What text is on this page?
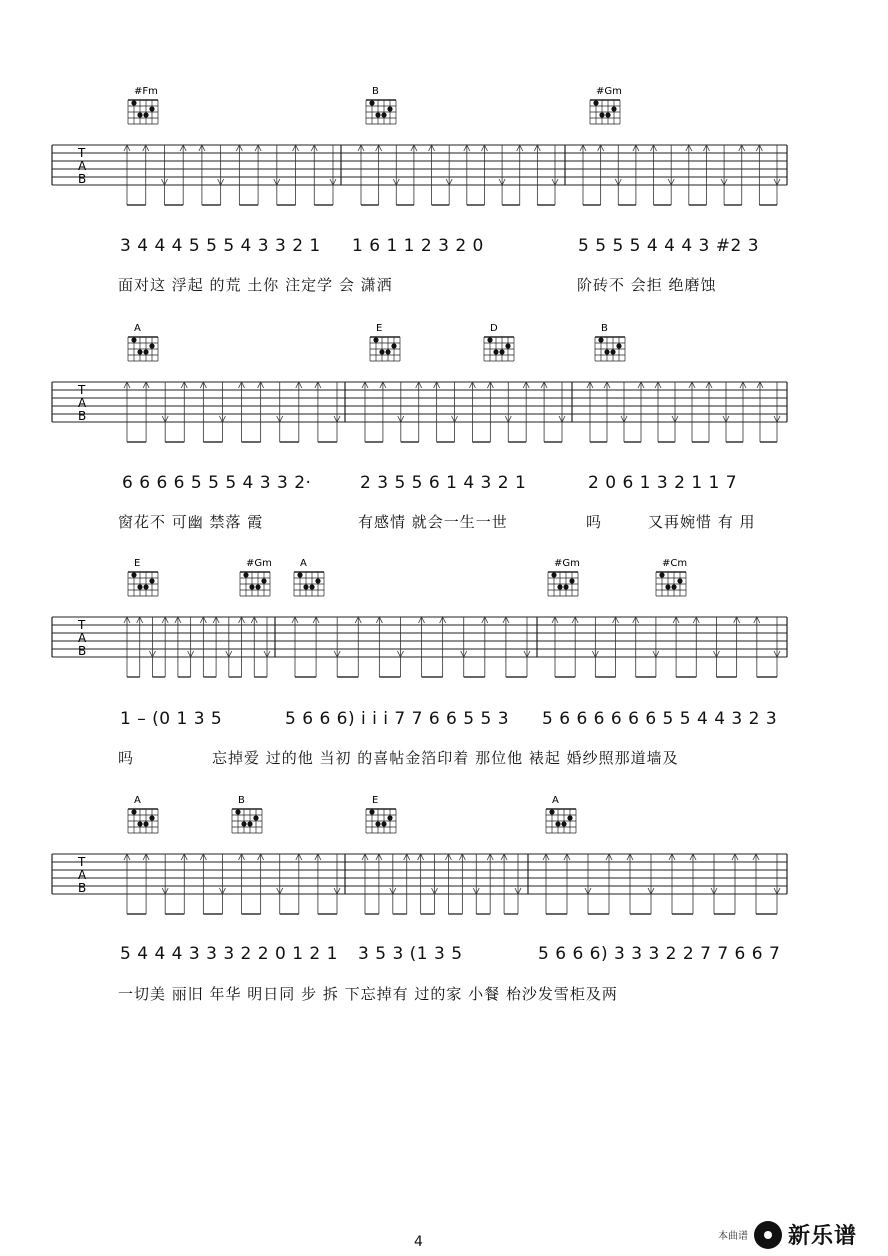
T
A
B
#Fm	B	#Gm
T
A
B
A	E	D	B
T
A
B
E	#Gm	A	#Gm	#Cm
T
A
B
A	B	E	A
3 4 4 4 5 5 5 4 3 3 2 1 1 6 1 1 2 3 2 0	5 5 5 5 4 4 4 3 #2 3
面对这 浮起 的荒 土你 注定学 会 潇洒	阶砖不 会拒 绝磨蚀
6 6 6 6 5 5 5 4 3 3 2·	2 3 5 5 6 1 4 3 2 1	2 0 6 1 3 2 1 1 7
窗花不 可幽 禁落 霞	有感情 就会一生一世	吗	又再婉惜 有 用
1 – (0 1 3 5	5 6 6 6) i i i 7 7 6 6 5 5 3 5 6 6 6 6 6 6 5 5 4 4 3 2 3
吗	忘掉爱 过的他 当初 的喜帖金箔印着 那位他 裱起 婚纱照那道墙及
5 4 4 4 3 3 3 2 2 0 1 2 1 3 5 3 (1 3 5	5 6 6 6) 3 3 3 2 2 7 7 6 6 7
一切美 丽旧 年华 明日同 步 拆 下忘掉有 过的家 小餐 枱沙发雪柜及两
4	本曲谱 新乐谱
